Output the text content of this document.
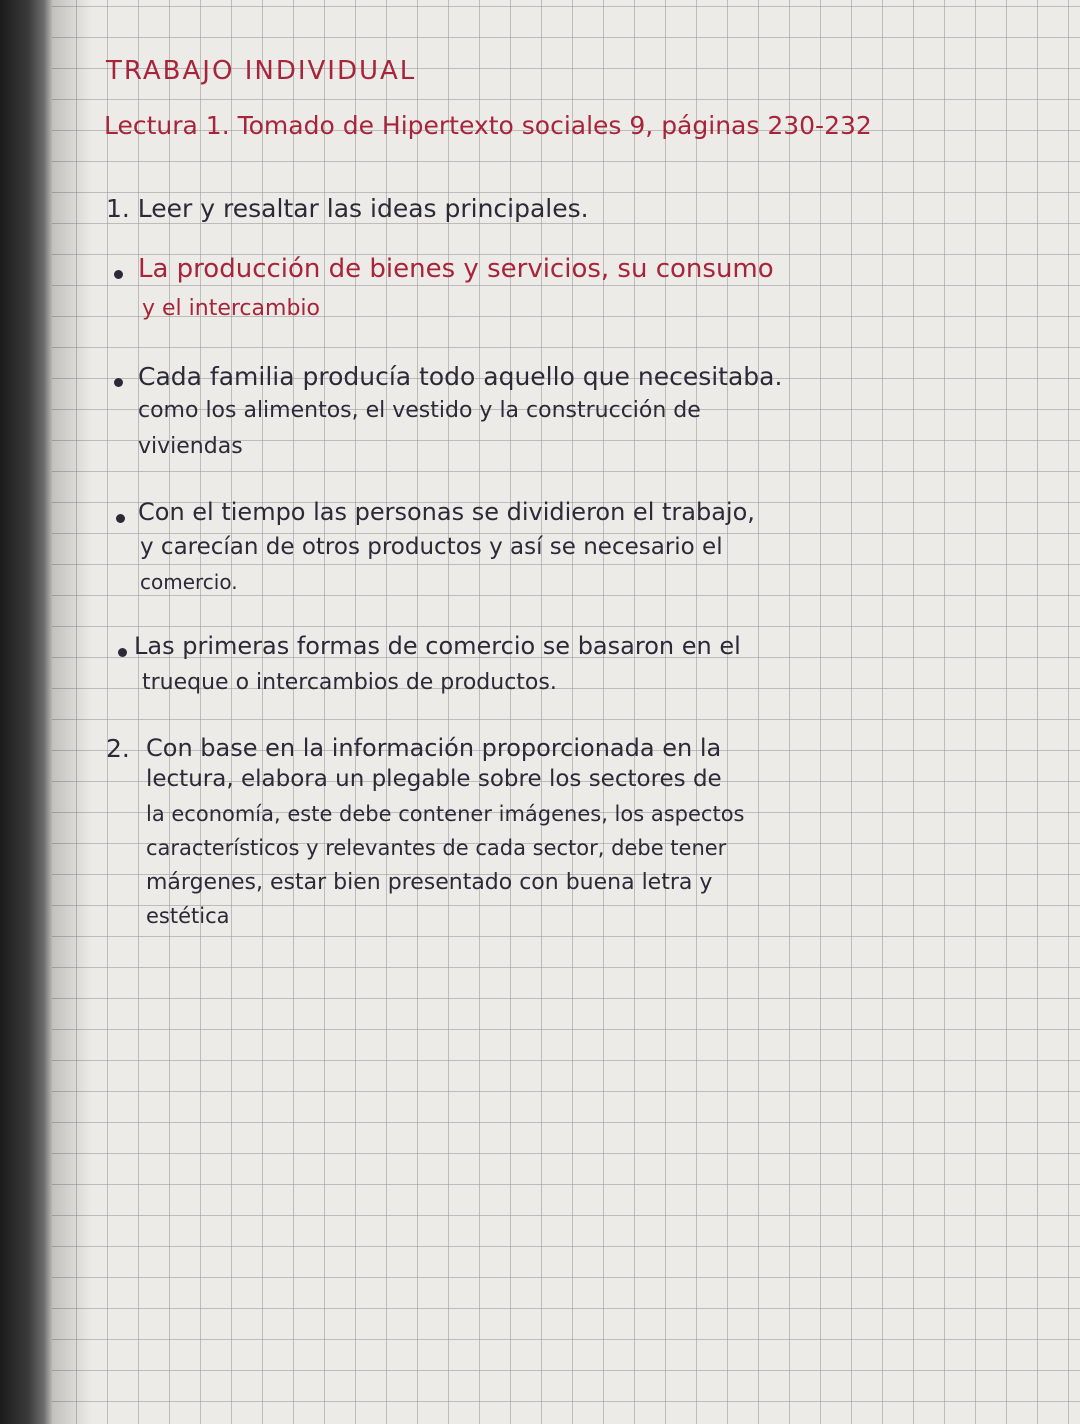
TRABAJO INDIVIDUAL
Lectura 1. Tomado de Hipertexto sociales 9, páginas 230-232
1. Leer y resaltar las ideas principales.
La producción de bienes y servicios, su consumo
y el intercambio
Cada familia producía todo aquello que necesitaba.
como los alimentos, el vestido y la construcción de
viviendas
Con el tiempo las personas se dividieron el trabajo,
y carecían de otros productos y así se necesario el
comercio.
Las primeras formas de comercio se basaron en el
trueque o intercambios de productos.
2. Con base en la información proporcionada en la
lectura, elabora un plegable sobre los sectores de
la economía, este debe contener imágenes, los aspectos
característicos y relevantes de cada sector, debe tener
márgenes, estar bien presentado con buena letra y
estética
